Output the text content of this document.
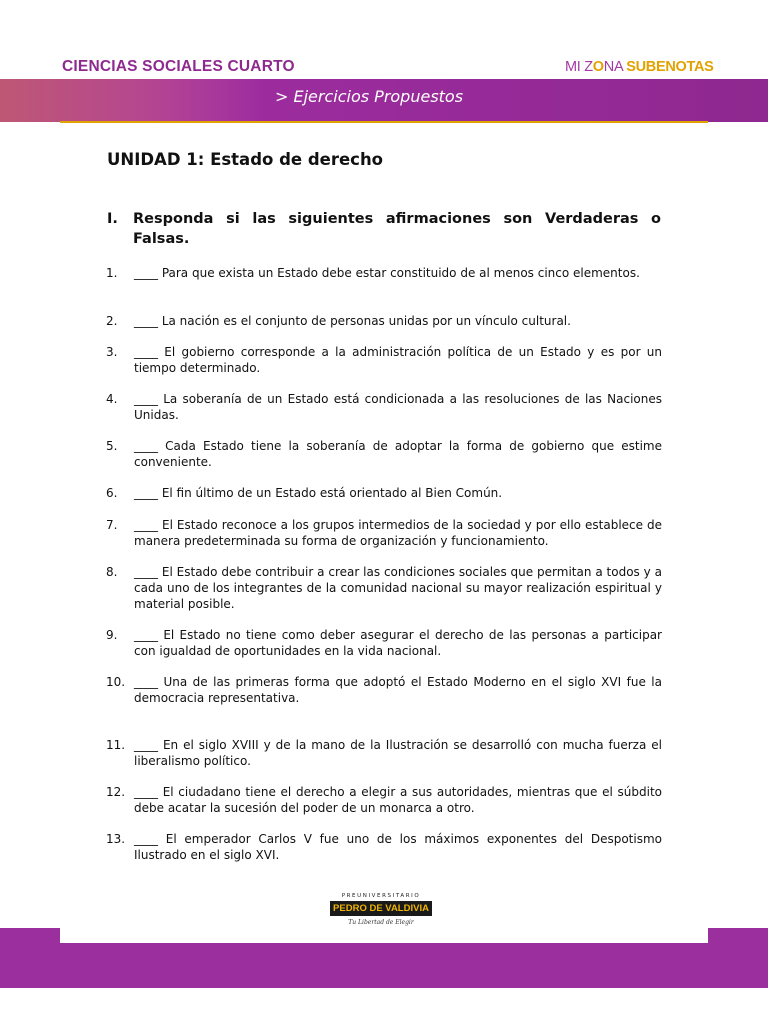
CIENCIAS SOCIALES CUARTO	MI ZONA SUBENOTAS
> Ejercicios Propuestos
UNIDAD 1: Estado de derecho
I.	Responda si las siguientes afirmaciones son Verdaderas o Falsas.
1.	____ Para que exista un Estado debe estar constituido de al menos cinco elementos.
2.	____ La nación es el conjunto de personas unidas por un vínculo cultural.
3.	____ El gobierno corresponde a la administración política de un Estado y es por un tiempo determinado.
4.	____ La soberanía de un Estado está condicionada a las resoluciones de las Naciones Unidas.
5.	____ Cada Estado tiene la soberanía de adoptar la forma de gobierno que estime conveniente.
6.	____ El fin último de un Estado está orientado al Bien Común.
7.	____ El Estado reconoce a los grupos intermedios de la sociedad y por ello establece de manera predeterminada su forma de organización y funcionamiento.
8.	____ El Estado debe contribuir a crear las condiciones sociales que permitan a todos y a cada uno de los integrantes de la comunidad nacional su mayor realización espiritual y material posible.
9.	____ El Estado no tiene como deber asegurar el derecho de las personas a participar con igualdad de oportunidades en la vida nacional.
10. ____ Una de las primeras forma que adoptó el Estado Moderno en el siglo XVI fue la democracia representativa.
11. ____ En el siglo XVIII y de la mano de la Ilustración se desarrolló con mucha fuerza el liberalismo político.
12. ____ El ciudadano tiene el derecho a elegir a sus autoridades, mientras que el súbdito debe acatar la sucesión del poder de un monarca a otro.
13. ____ El emperador Carlos V fue uno de los máximos exponentes del Despotismo Ilustrado en el siglo XVI.
PREUNIVERSITARIO
PEDRO DE VALDIVIA
Tu Libertad de Elegir
